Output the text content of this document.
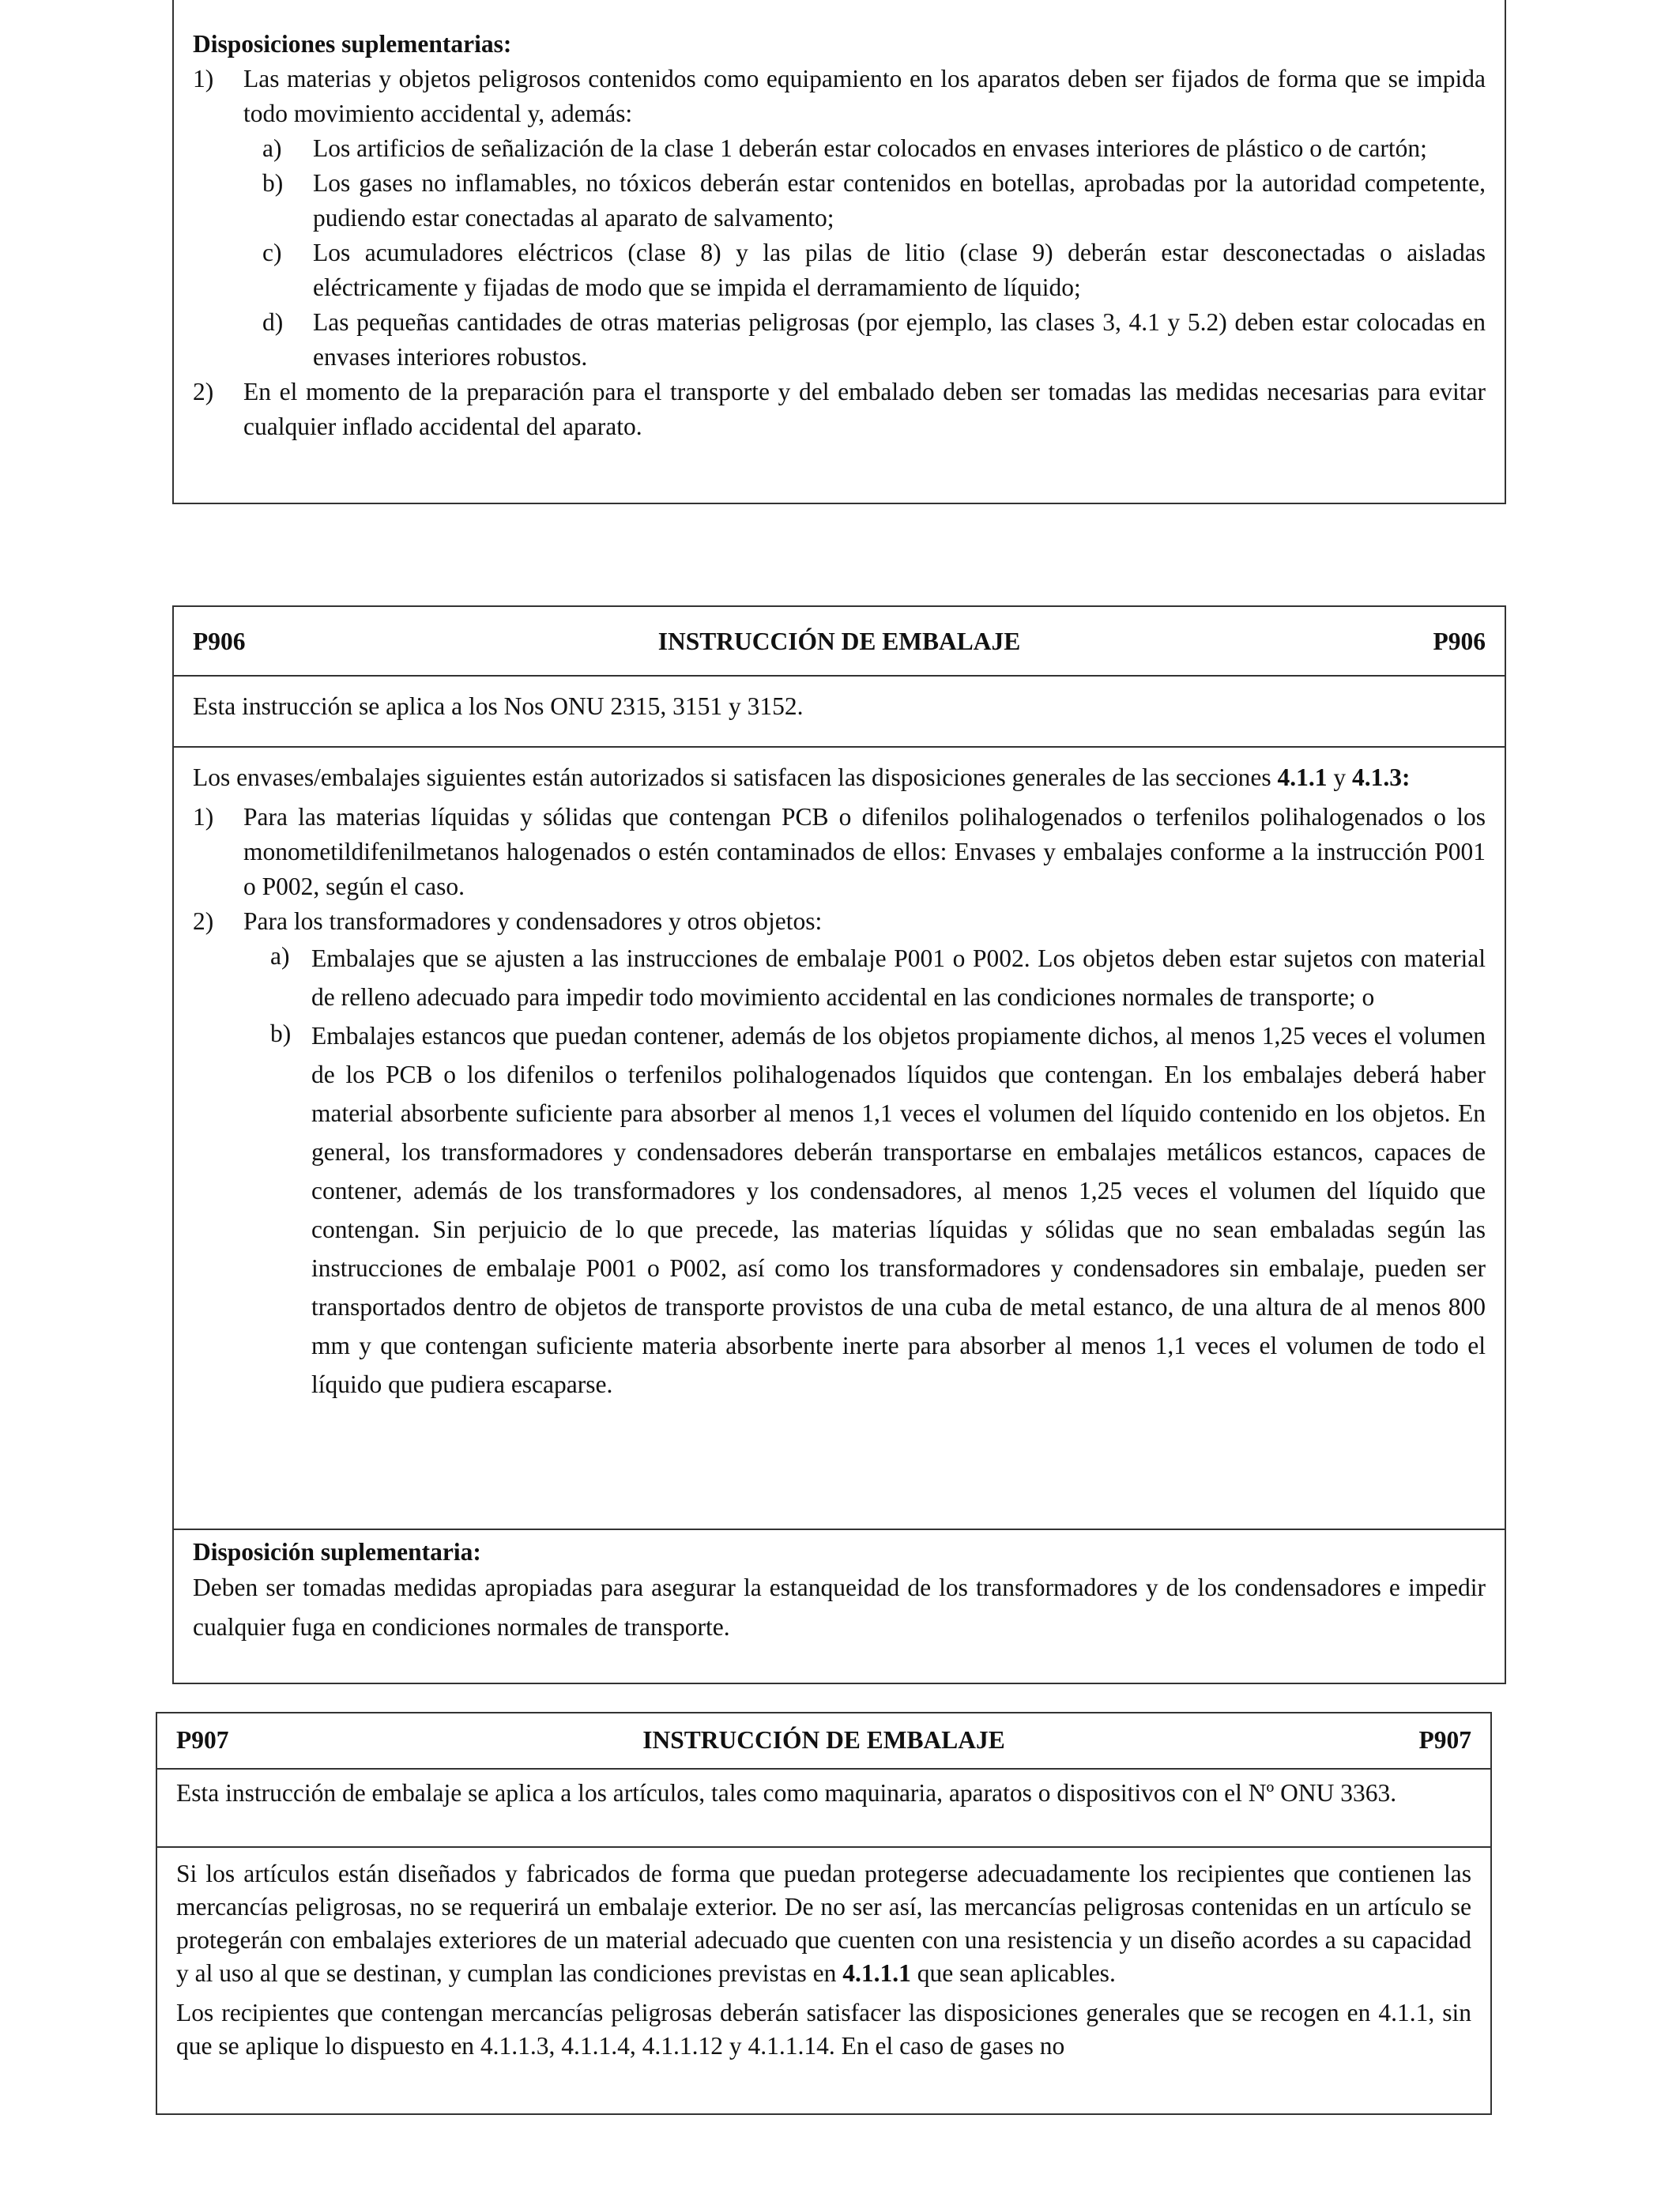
Disposiciones suplementarias:

1)	Las materias y objetos peligrosos contenidos como equipamiento en los aparatos deben ser fijados de forma que se impida todo movimiento accidental y, además:
a)	Los artificios de señalización de la clase 1 deberán estar colocados en envases interiores de plástico o de cartón;
b)	Los gases no inflamables, no tóxicos deberán estar contenidos en botellas, aprobadas por la autoridad competente, pudiendo estar conectadas al aparato de salvamento;
c)	Los acumuladores eléctricos (clase 8) y las pilas de litio (clase 9) deberán estar desconectadas o aisladas eléctricamente y fijadas de modo que se impida el derramamiento de líquido;
d)	Las pequeñas cantidades de otras materias peligrosas (por ejemplo, las clases 3, 4.1 y 5.2) deben estar colocadas en envases interiores robustos.
2)	En el momento de la preparación para el transporte y del embalado deben ser tomadas las medidas necesarias para evitar cualquier inflado accidental del aparato.
P906	INSTRUCCIÓN DE EMBALAJE	P906

Esta instrucción se aplica a los Nos ONU 2315, 3151 y 3152.

Los envases/embalajes siguientes están autorizados si satisfacen las disposiciones generales de las secciones 4.1.1 y 4.1.3:

1)	Para las materias líquidas y sólidas que contengan PCB o difenilos polihalogenados o terfenilos polihalogenados o los monometildifenilmetanos halogenados o estén contaminados de ellos: Envases y embalajes conforme a la instrucción P001 o P002, según el caso.
2)	Para los transformadores y condensadores y otros objetos:
a) Embalajes que se ajusten a las instrucciones de embalaje P001 o P002. Los objetos deben estar sujetos con material de relleno adecuado para impedir todo movimiento accidental en las condiciones normales de transporte; o
b) Embalajes estancos que puedan contener, además de los objetos propiamente dichos, al menos 1,25 veces el volumen de los PCB o los difenilos o terfenilos polihalogenados líquidos que contengan. En los embalajes deberá haber material absorbente suficiente para absorber al menos 1,1 veces el volumen del líquido contenido en los objetos. En general, los transformadores y condensadores deberán transportarse en embalajes metálicos estancos, capaces de contener, además de los transformadores y los condensadores, al menos 1,25 veces el volumen del líquido que contengan. Sin perjuicio de lo que precede, las materias líquidas y sólidas que no sean embaladas según las instrucciones de embalaje P001 o P002, así como los transformadores y condensadores sin embalaje, pueden ser transportados dentro de objetos de transporte provistos de una cuba de metal estanco, de una altura de al menos 800 mm y que contengan suficiente materia absorbente inerte para absorber al menos 1,1 veces el volumen de todo el líquido que pudiera escaparse.

Disposición suplementaria:

Deben ser tomadas medidas apropiadas para asegurar la estanqueidad de los transformadores y de los condensadores e impedir cualquier fuga en condiciones normales de transporte.

P907	INSTRUCCIÓN DE EMBALAJE	P907

Esta instrucción de embalaje se aplica a los artículos, tales como maquinaria, aparatos o dispositivos con el Nº ONU 3363.

Si los artículos están diseñados y fabricados de forma que puedan protegerse adecuadamente los recipientes que contienen las mercancías peligrosas, no se requerirá un embalaje exterior. De no ser así, las mercancías peligrosas contenidas en un artículo se protegerán con embalajes exteriores de un material adecuado que cuenten con una resistencia y un diseño acordes a su capacidad y al uso al que se destinan, y cumplan las condiciones previstas en 4.1.1.1 que sean aplicables.

Los recipientes que contengan mercancías peligrosas deberán satisfacer las disposiciones generales que se recogen en 4.1.1, sin que se aplique lo dispuesto en 4.1.1.3, 4.1.1.4, 4.1.1.12 y 4.1.1.14. En el caso de gases no
